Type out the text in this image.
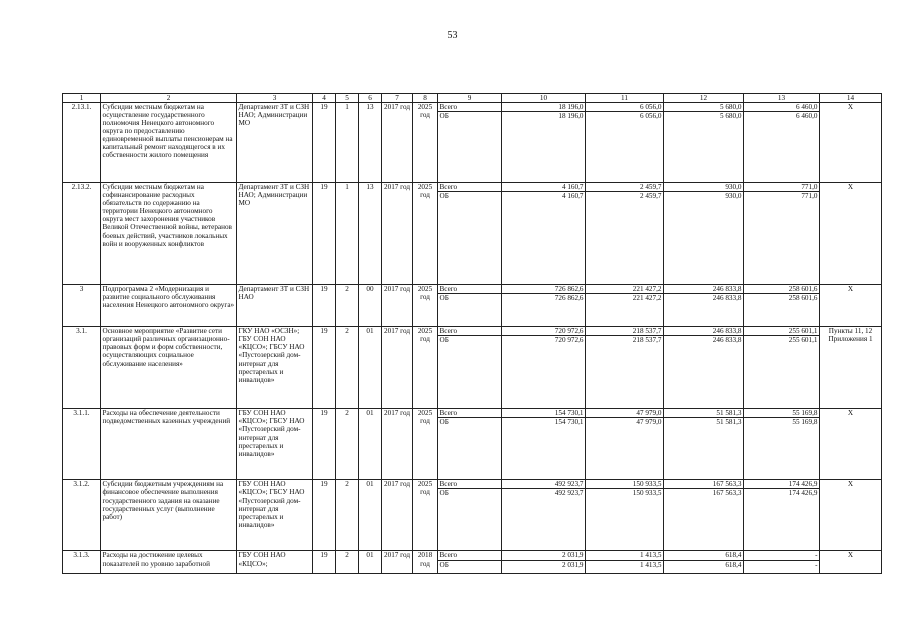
53
1	2	3	4	5	6	7	8	9	10	11	12	13	14
2.13.1.	Субсидии местным бюджетам на осуществление государственного полномочия Ненецкого автономного округа по предоставлению единовременной выплаты пенсионерам на капитальный ремонт находящегося в их собственности жилого помещения	Департамент ЗТ и СЗН НАО; Администрации МО	19	1	13	2017 год	2025 год	Всего	18 196,0	6 056,0	5 680,0	6 460,0	Х
								ОБ	18 196,0	6 056,0	5 680,0	6 460,0	
2.13.2.	Субсидии местным бюджетам на софинансирование расходных обязательств по содержанию на территории Ненецкого автономного округа мест захоронения участников Великой Отечественной войны, ветеранов боевых действий, участников локальных войн и вооруженных конфликтов	Департамент ЗТ и СЗН НАО; Администрации МО	19	1	13	2017 год	2025 год	Всего	4 160,7	2 459,7	930,0	771,0	Х
								ОБ	4 160,7	2 459,7	930,0	771,0	
3	Подпрограмма 2 «Модернизация и развитие социального обслуживания населения Ненецкого автономного округа»	Департамент ЗТ и СЗН НАО	19	2	00	2017 год	2025 год	Всего	726 862,6	221 427,2	246 833,8	258 601,6	Х
								ОБ	726 862,6	221 427,2	246 833,8	258 601,6	
3.1.	Основное мероприятие «Развитие сети организаций различных организационно-правовых форм и форм собственности, осуществляющих социальное обслуживание населения»	ГКУ НАО «ОСЗН»; ГБУ СОН НАО «КЦСО»; ГБСУ НАО «Пустозерский дом-интернат для престарелых и инвалидов»	19	2	01	2017 год	2025 год	Всего	720 972,6	218 537,7	246 833,8	255 601,1	Пункты 11, 12 Приложения 1
								ОБ	720 972,6	218 537,7	246 833,8	255 601,1	
3.1.1.	Расходы на обеспечение деятельности подведомственных казенных учреждений	ГБУ СОН НАО «КЦСО»; ГБСУ НАО «Пустозерский дом-интернат для престарелых и инвалидов»	19	2	01	2017 год	2025 год	Всего	154 730,1	47 979,0	51 581,3	55 169,8	Х
								ОБ	154 730,1	47 979,0	51 581,3	55 169,8	
3.1.2.	Субсидии бюджетным учреждениям на финансовое обеспечение выполнения государственного задания на оказание государственных услуг (выполнение работ)	ГБУ СОН НАО «КЦСО»; ГБСУ НАО «Пустозерский дом-интернат для престарелых и инвалидов»	19	2	01	2017 год	2025 год	Всего	492 923,7	150 933,5	167 563,3	174 426,9	Х
								ОБ	492 923,7	150 933,5	167 563,3	174 426,9	
3.1.3.	Расходы на достижение целевых показателей по уровню заработной	ГБУ СОН НАО «КЦСО»;	19	2	01	2017 год	2018 год	Всего	2 031,9	1 413,5	618,4	-	Х
								ОБ	2 031,9	1 413,5	618,4	-	
